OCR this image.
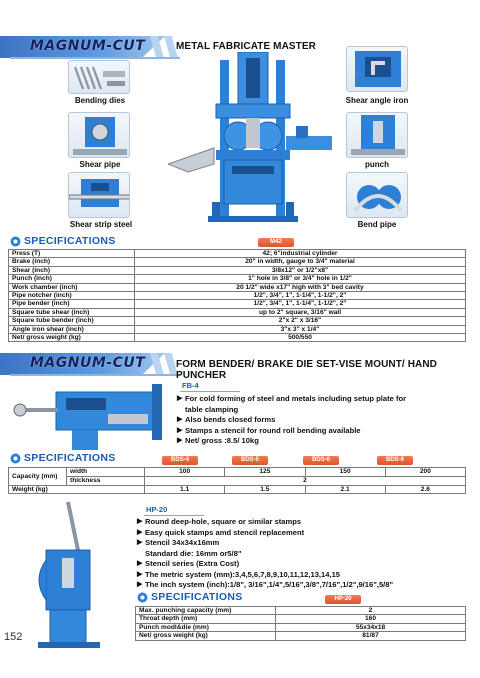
MAGNUM-CUT	METAL FABRICATE MASTER
Bending dies
Shear pipe
Shear strip steel
Shear angle iron
punch
Bend pipe
SPECIFICATIONS	M42
Press (T)	42; 6"industrial cylinder
Brake (inch)	20" in width, gauge to 3/4" material
Shear (inch)	3/8x12" or 1/2"x8"
Punch (inch)	1" hole in 3/8" or 3/4" hole in 1/2"
Work chamber (inch)	20 1/2" wide x17" high with 3" bed cavity
Pipe notcher (inch)	1/2", 3/4", 1", 1-1/4", 1-1/2", 2"
Pipe bender (inch)	1/2", 3/4", 1", 1-1/4", 1-1/2", 2"
Square tube shear (inch)	up to 2" square, 3/16" wall
Square tube bender (inch)	2"x 2" x 3/16"
Angle iron shear (inch)	3"x 3" x 1/4"
Net/ gross weight (kg)	500/550
MAGNUM-CUT	FORM BENDER/ BRAKE DIE SET-VISE MOUNT/ HAND PUNCHER
FB-4
▶ For cold forming of steel and metals including setup plate for
table clamping
▶ Also bends closed forms
▶ Stamps a stencil for round roll bending available
▶ Net/ gross :8.5/ 10kg
SPECIFICATIONS	BDS-4	BDS-5	BDS-6	BDS-8
Capacity (mm)	width	100	125	150	200
	thickness	2			
Weight (kg)		1.1	1.5	2.1	2.6
HP-20
▶ Round deep-hole, square or similar stamps
▶ Easy quick stamps amd stencil replacement
▶ Stencil 34x34x16mm
Standard die: 16mm or5/8"
▶ Stencil series (Extra Cost)
▶ The metric system (mm):3,4,5,6,7,8,9,10,11,12,13,14,15
▶ The inch system (inch):1/8", 3/16",1/4",5/16",3/8",7/16",1/2",9/16",5/8"
SPECIFICATIONS	HP-20
Max. punching capacity (mm)	2
Throat depth (mm)	160
Punch modl&die (mm)	55x34x18
Net/ gross weight (kg)	81/87
152
